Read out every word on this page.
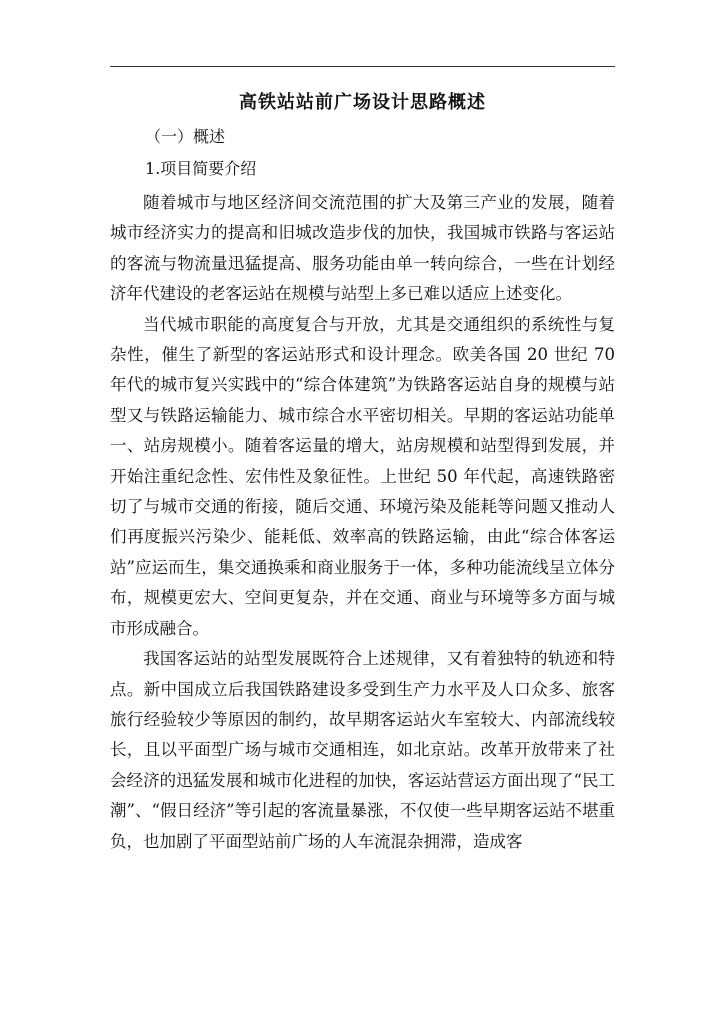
高铁站站前广场设计思路概述

（一）概述

1.项目简要介绍

随着城市与地区经济间交流范围的扩大及第三产业的发展，随着城市经济实力的提高和旧城改造步伐的加快，我国城市铁路与客运站的客流与物流量迅猛提高、服务功能由单一转向综合，一些在计划经济年代建设的老客运站在规模与站型上多已难以适应上述变化。

当代城市职能的高度复合与开放，尤其是交通组织的系统性与复杂性，催生了新型的客运站形式和设计理念。欧美各国 20 世纪 70 年代的城市复兴实践中的“综合体建筑”为铁路客运站自身的规模与站型又与铁路运输能力、城市综合水平密切相关。早期的客运站功能单一、站房规模小。随着客运量的增大，站房规模和站型得到发展，并开始注重纪念性、宏伟性及象征性。上世纪 50 年代起，高速铁路密切了与城市交通的衔接，随后交通、环境污染及能耗等问题又推动人们再度振兴污染少、能耗低、效率高的铁路运输，由此“综合体客运站”应运而生，集交通换乘和商业服务于一体，多种功能流线呈立体分布，规模更宏大、空间更复杂，并在交通、商业与环境等多方面与城市形成融合。

我国客运站的站型发展既符合上述规律，又有着独特的轨迹和特点。新中国成立后我国铁路建设多受到生产力水平及人口众多、旅客旅行经验较少等原因的制约，故早期客运站火车室较大、内部流线较长，且以平面型广场与城市交通相连，如北京站。改革开放带来了社会经济的迅猛发展和城市化进程的加快，客运站营运方面出现了“民工潮”、“假日经济”等引起的客流量暴涨，不仅使一些早期客运站不堪重负，也加剧了平面型站前广场的人车流混杂拥滞，造成客
